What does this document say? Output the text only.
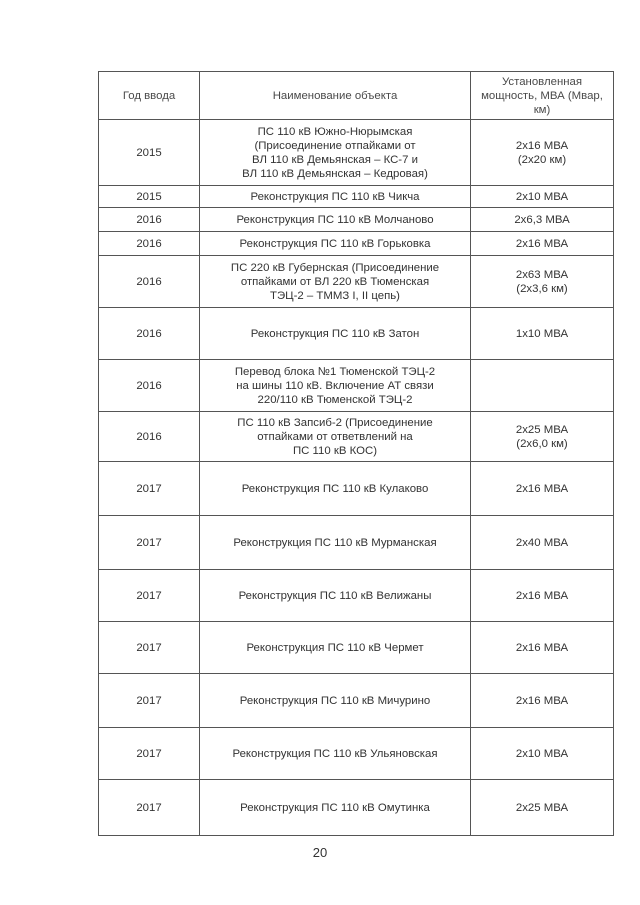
Год ввода	Наименование объекта	Установленная
мощность, МВА (Мвар,
км)

2015	ПС 110 кВ Южно-Нюрымская
(Присоединение отпайками от
ВЛ 110 кВ Демьянская – КС-7 и
ВЛ 110 кВ Демьянская – Кедровая)	2х16 МВА
(2х20 км)

2015	Реконструкция ПС 110 кВ Чикча	2х10 МВА

2016	Реконструкция ПС 110 кВ Молчаново	2х6,3 МВА

2016	Реконструкция ПС 110 кВ Горьковка	2х16 МВА

2016	ПС 220 кВ Губернская (Присоединение
отпайками от ВЛ 220 кВ Тюменская
ТЭЦ-2 – ТММЗ I, II цепь)	2х63 МВА
(2х3,6 км)

2016	Реконструкция ПС 110 кВ Затон	1х10 МВА

2016	Перевод блока №1 Тюменской ТЭЦ-2
на шины 110 кВ. Включение АТ связи
220/110 кВ Тюменской ТЭЦ-2	

2016	ПС 110 кВ Запсиб-2 (Присоединение
отпайками от ответвлений на
ПС 110 кВ КОС)	2х25 МВА
(2х6,0 км)

2017	Реконструкция ПС 110 кВ Кулаково	2х16 МВА

2017	Реконструкция ПС 110 кВ Мурманская	2х40 МВА

2017	Реконструкция ПС 110 кВ Велижаны	2х16 МВА

2017	Реконструкция ПС 110 кВ Чермет	2х16 МВА

2017	Реконструкция ПС 110 кВ Мичурино	2х16 МВА

2017	Реконструкция ПС 110 кВ Ульяновская	2х10 МВА

2017	Реконструкция ПС 110 кВ Омутинка	2х25 МВА
20
